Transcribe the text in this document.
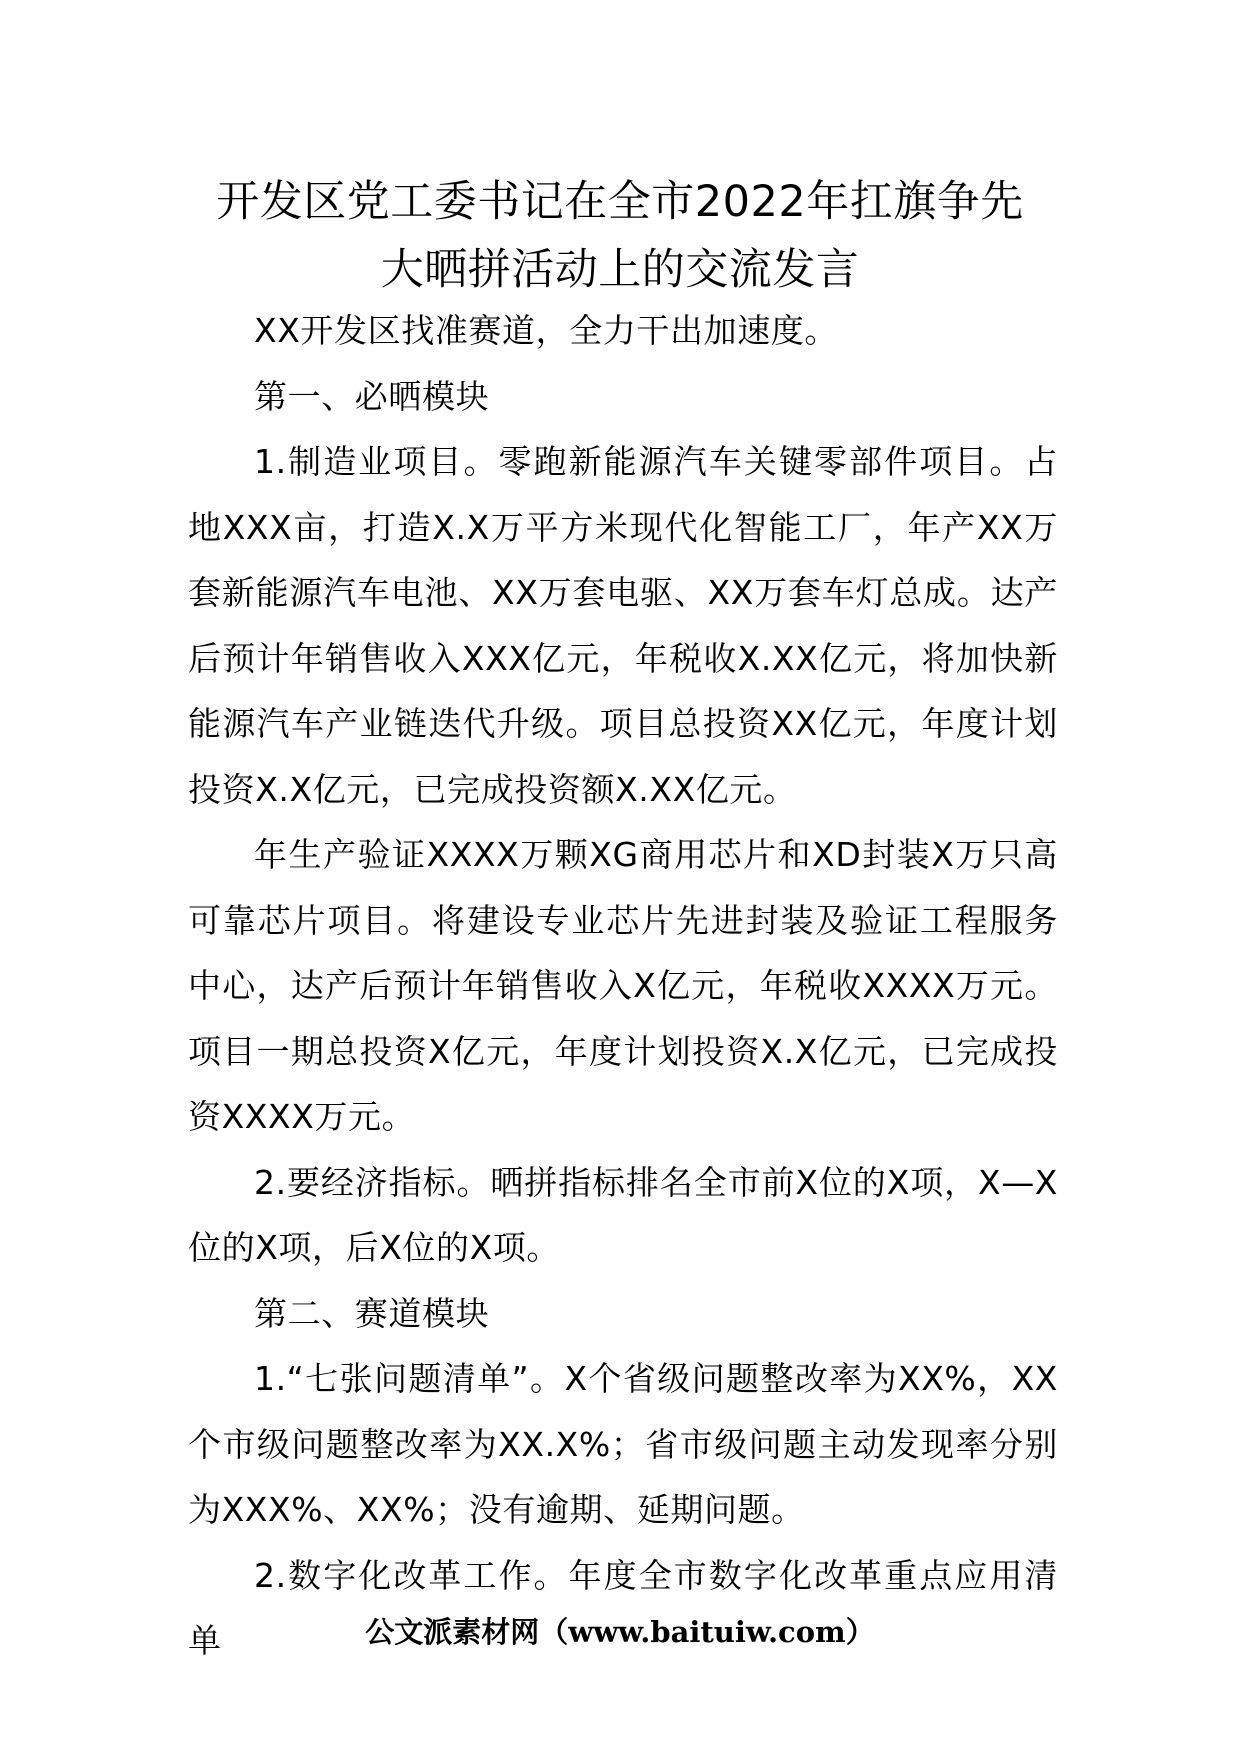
开发区党工委书记在全市2022年扛旗争先
大晒拼活动上的交流发言

XX开发区找准赛道，全力干出加速度。

第一、必晒模块

1.制造业项目。零跑新能源汽车关键零部件项目。占地XXX亩，打造X.X万平方米现代化智能工厂，年产XX万套新能源汽车电池、XX万套电驱、XX万套车灯总成。达产后预计年销售收入XXX亿元，年税收X.XX亿元，将加快新能源汽车产业链迭代升级。项目总投资XX亿元，年度计划投资X.X亿元，已完成投资额X.XX亿元。

年生产验证XXXX万颗XG商用芯片和XD封装X万只高可靠芯片项目。将建设专业芯片先进封装及验证工程服务中心，达产后预计年销售收入X亿元，年税收XXXX万元。项目一期总投资X亿元，年度计划投资X.X亿元，已完成投资XXXX万元。

2.要经济指标。晒拼指标排名全市前X位的X项，X—X位的X项，后X位的X项。

第二、赛道模块

1.“七张问题清单”。X个省级问题整改率为XX%，XX个市级问题整改率为XX.X%；省市级问题主动发现率分别为XXX%、XX%；没有逾期、延期问题。

2.数字化改革工作。年度全市数字化改革重点应用清单	公文派素材网（www.baituiw.com）
